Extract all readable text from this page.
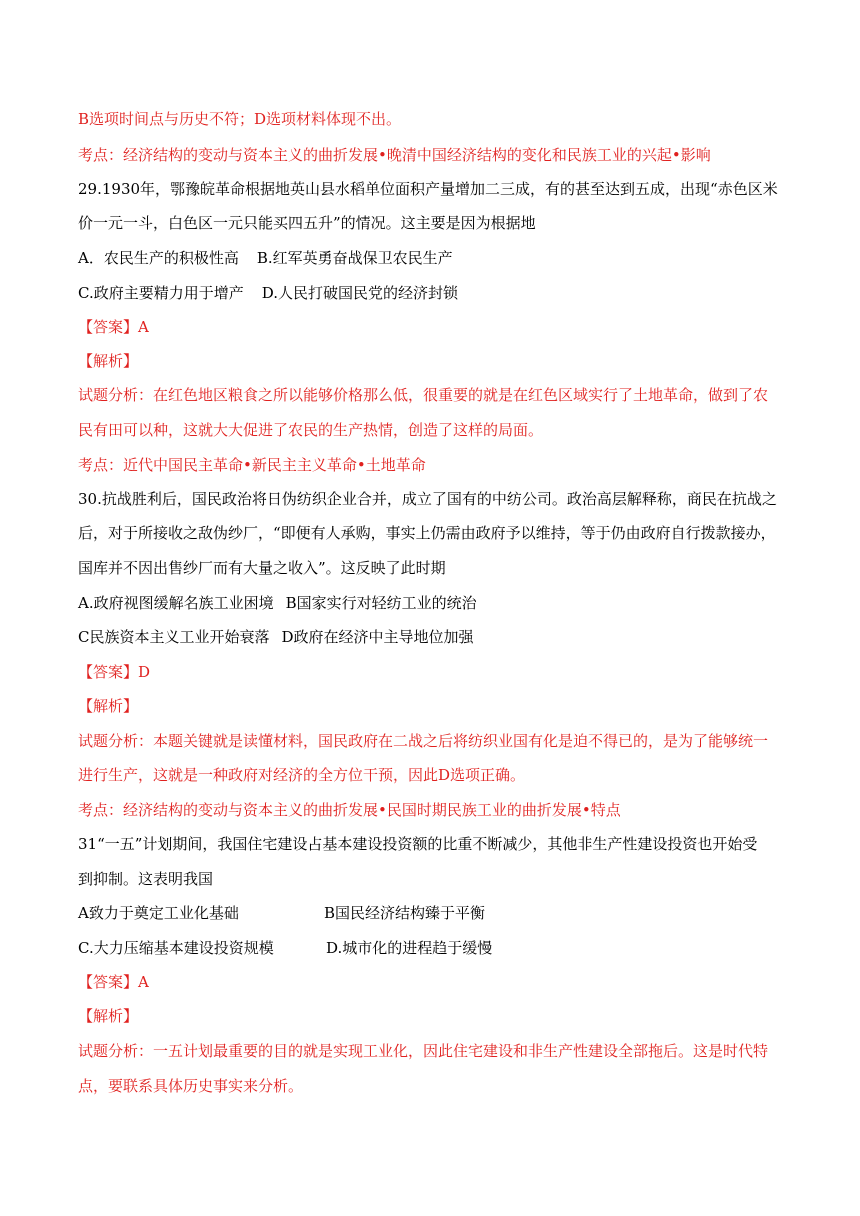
B选项时间点与历史不符；D选项材料体现不出。
考点：经济结构的变动与资本主义的曲折发展•晚清中国经济结构的变化和民族工业的兴起•影响
29.1930年，鄂豫皖革命根据地英山县水稻单位面积产量增加二三成，有的甚至达到五成，出现“赤色区米
价一元一斗，白色区一元只能买四五升”的情况。这主要是因为根据地
A．农民生产的积极性高 B.红军英勇奋战保卫农民生产
C.政府主要精力用于增产 D.人民打破国民党的经济封锁
【答案】A
【解析】
试题分析：在红色地区粮食之所以能够价格那么低，很重要的就是在红色区域实行了土地革命，做到了农
民有田可以种，这就大大促进了农民的生产热情，创造了这样的局面。
考点：近代中国民主革命•新民主主义革命•土地革命
30.抗战胜利后，国民政治将日伪纺织企业合并，成立了国有的中纺公司。政治高层解释称，商民在抗战之
后，对于所接收之敌伪纱厂，“即便有人承购，事实上仍需由政府予以维持，等于仍由政府自行拨款接办，
国库并不因出售纱厂而有大量之收入”。这反映了此时期
A.政府视图缓解名族工业困境 B国家实行对轻纺工业的统治
C民族资本主义工业开始衰落 D政府在经济中主导地位加强
【答案】D
【解析】
试题分析：本题关键就是读懂材料，国民政府在二战之后将纺织业国有化是迫不得已的，是为了能够统一
进行生产，这就是一种政府对经济的全方位干预，因此D选项正确。
考点：经济结构的变动与资本主义的曲折发展•民国时期民族工业的曲折发展•特点
31“一五”计划期间，我国住宅建设占基本建设投资额的比重不断减少，其他非生产性建设投资也开始受
到抑制。这表明我国
A致力于奠定工业化基础	B国民经济结构臻于平衡
C.大力压缩基本建设投资规模	D.城市化的进程趋于缓慢
【答案】A
【解析】
试题分析：一五计划最重要的目的就是实现工业化，因此住宅建设和非生产性建设全部拖后。这是时代特
点，要联系具体历史事实来分析。
